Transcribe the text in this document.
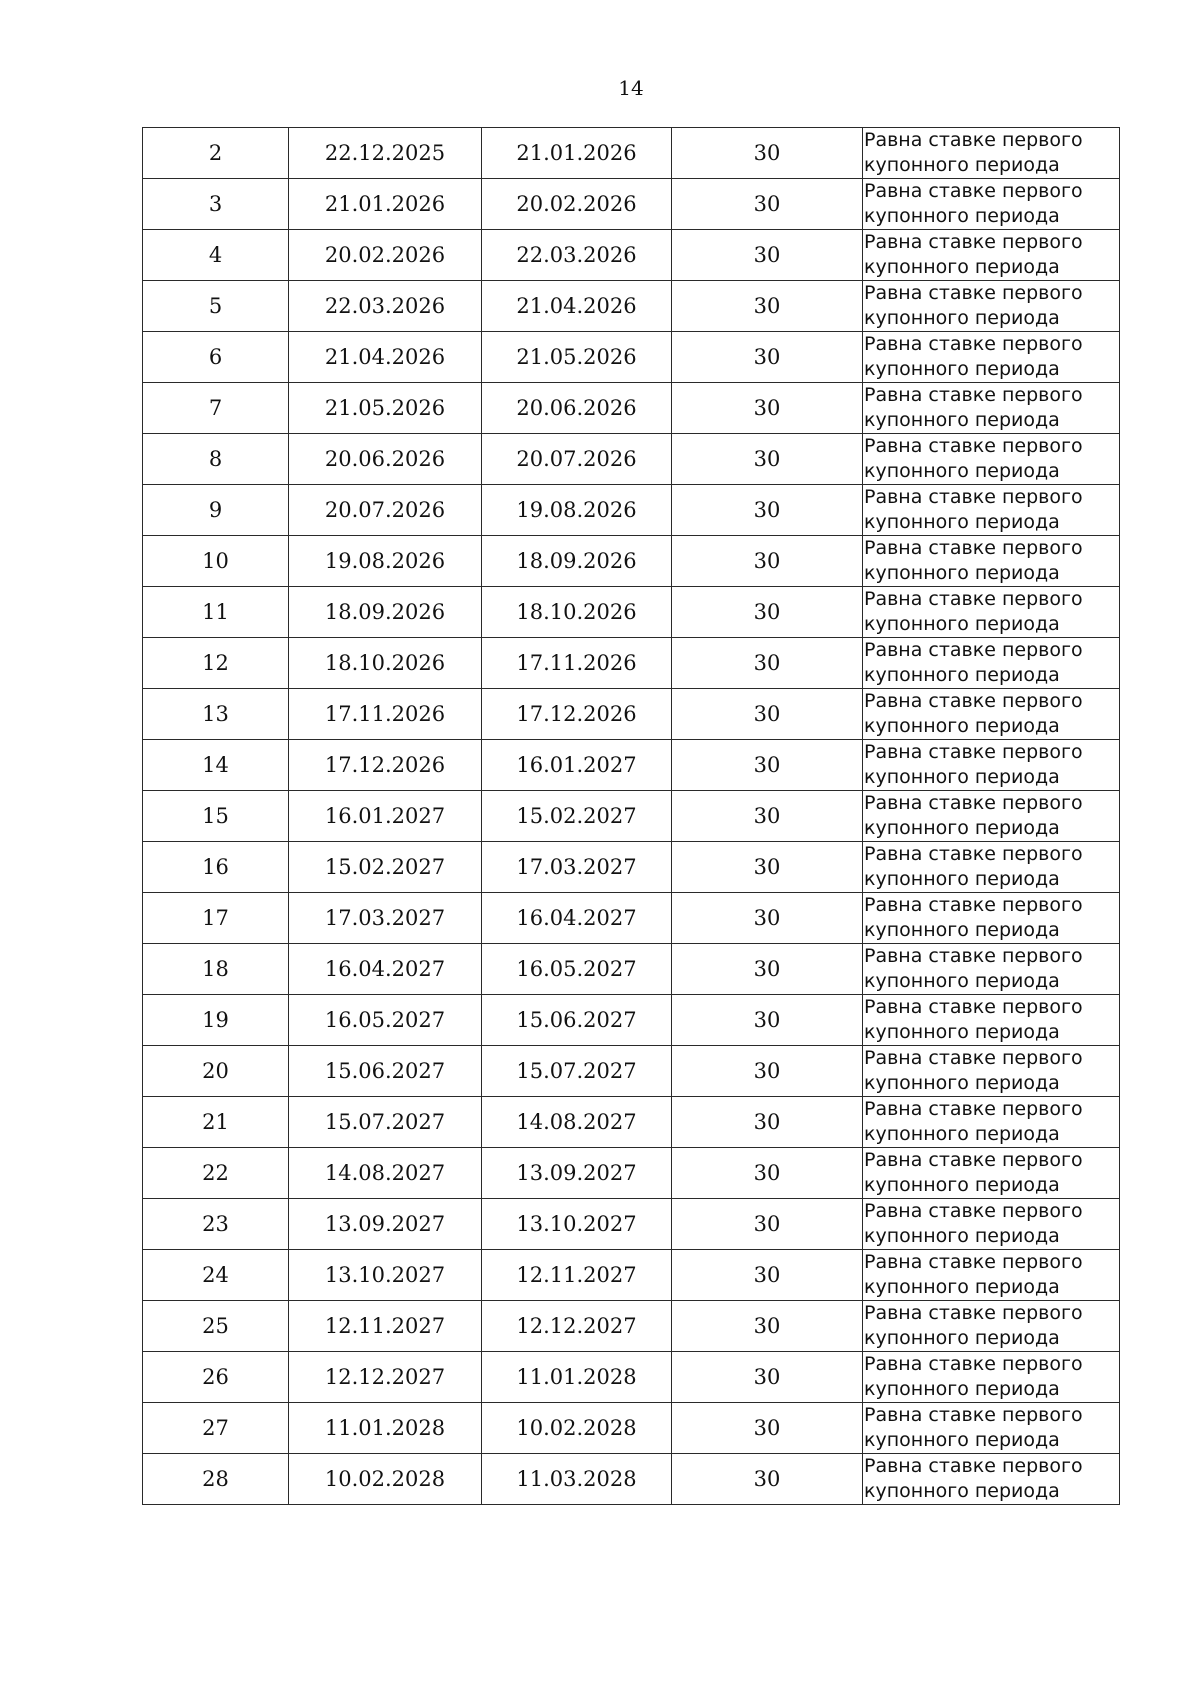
14
2	22.12.2025	21.01.2026	30	Равна ставке первого купонного периода
3	21.01.2026	20.02.2026	30	Равна ставке первого купонного периода
4	20.02.2026	22.03.2026	30	Равна ставке первого купонного периода
5	22.03.2026	21.04.2026	30	Равна ставке первого купонного периода
6	21.04.2026	21.05.2026	30	Равна ставке первого купонного периода
7	21.05.2026	20.06.2026	30	Равна ставке первого купонного периода
8	20.06.2026	20.07.2026	30	Равна ставке первого купонного периода
9	20.07.2026	19.08.2026	30	Равна ставке первого купонного периода
10	19.08.2026	18.09.2026	30	Равна ставке первого купонного периода
11	18.09.2026	18.10.2026	30	Равна ставке первого купонного периода
12	18.10.2026	17.11.2026	30	Равна ставке первого купонного периода
13	17.11.2026	17.12.2026	30	Равна ставке первого купонного периода
14	17.12.2026	16.01.2027	30	Равна ставке первого купонного периода
15	16.01.2027	15.02.2027	30	Равна ставке первого купонного периода
16	15.02.2027	17.03.2027	30	Равна ставке первого купонного периода
17	17.03.2027	16.04.2027	30	Равна ставке первого купонного периода
18	16.04.2027	16.05.2027	30	Равна ставке первого купонного периода
19	16.05.2027	15.06.2027	30	Равна ставке первого купонного периода
20	15.06.2027	15.07.2027	30	Равна ставке первого купонного периода
21	15.07.2027	14.08.2027	30	Равна ставке первого купонного периода
22	14.08.2027	13.09.2027	30	Равна ставке первого купонного периода
23	13.09.2027	13.10.2027	30	Равна ставке первого купонного периода
24	13.10.2027	12.11.2027	30	Равна ставке первого купонного периода
25	12.11.2027	12.12.2027	30	Равна ставке первого купонного периода
26	12.12.2027	11.01.2028	30	Равна ставке первого купонного периода
27	11.01.2028	10.02.2028	30	Равна ставке первого купонного периода
28	10.02.2028	11.03.2028	30	Равна ставке первого купонного периода
